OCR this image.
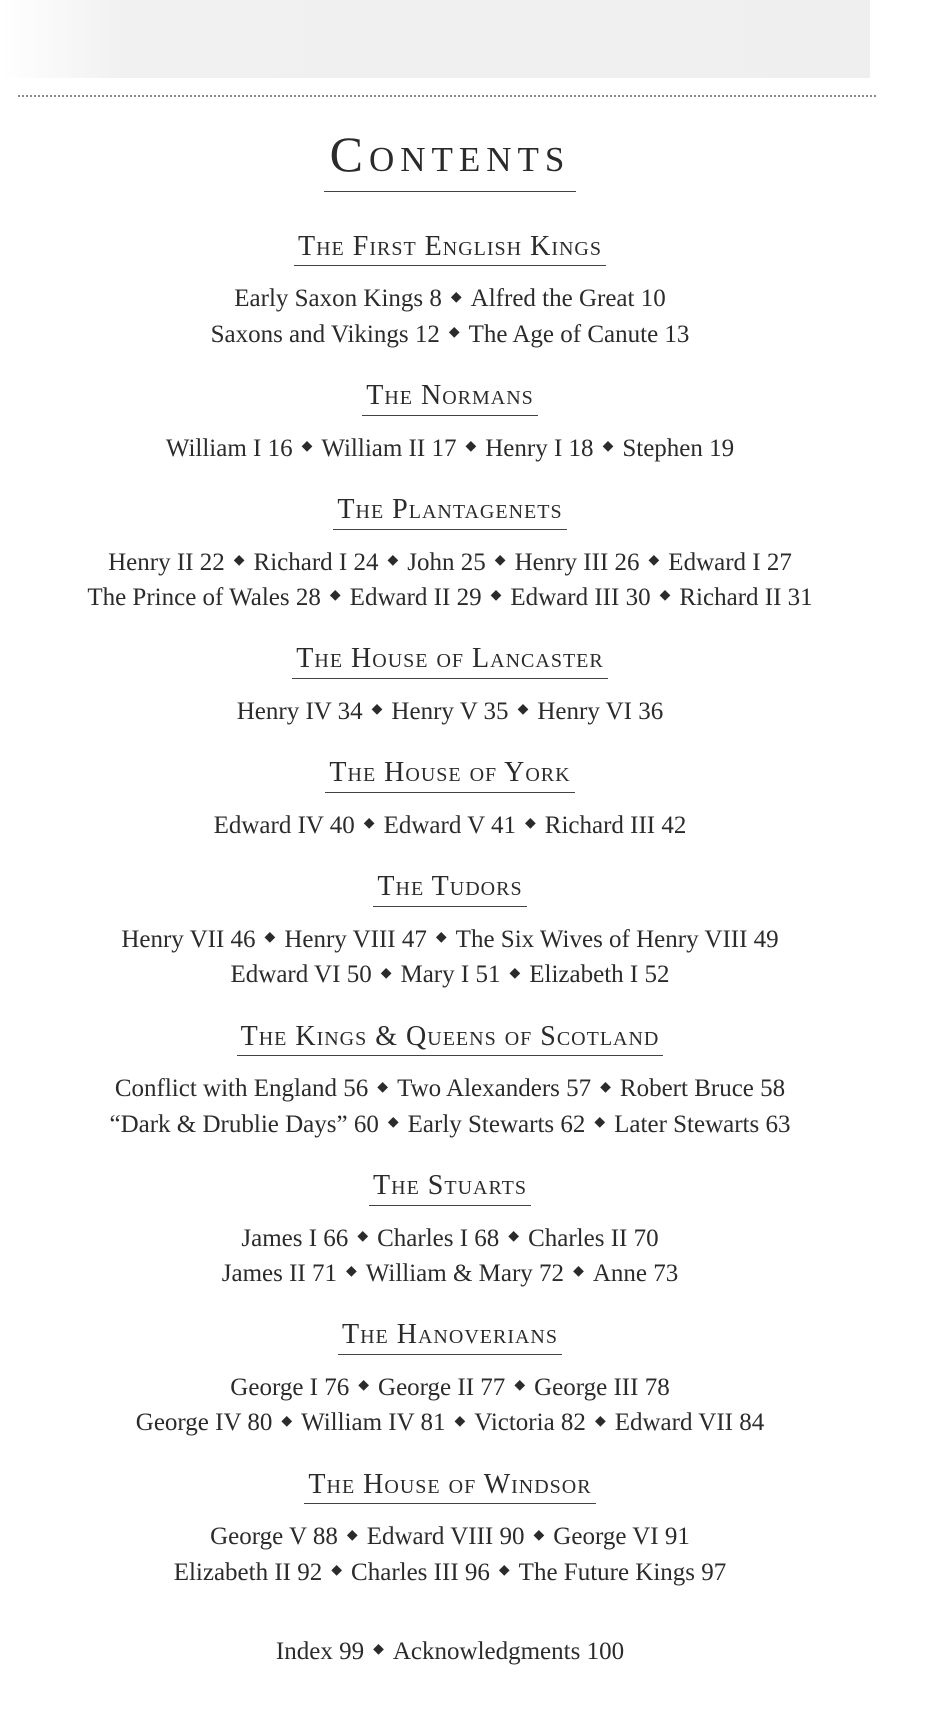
Contents
The First English Kings
Early Saxon Kings 8 ◆ Alfred the Great 10
Saxons and Vikings 12 ◆ The Age of Canute 13
The Normans
William I 16 ◆ William II 17 ◆ Henry I 18 ◆ Stephen 19
The Plantagenets
Henry II 22 ◆ Richard I 24 ◆ John 25 ◆ Henry III 26 ◆ Edward I 27
The Prince of Wales 28 ◆ Edward II 29 ◆ Edward III 30 ◆ Richard II 31
The House of Lancaster
Henry IV 34 ◆ Henry V 35 ◆ Henry VI 36
The House of York
Edward IV 40 ◆ Edward V 41 ◆ Richard III 42
The Tudors
Henry VII 46 ◆ Henry VIII 47 ◆ The Six Wives of Henry VIII 49
Edward VI 50 ◆ Mary I 51 ◆ Elizabeth I 52
The Kings & Queens of Scotland
Conflict with England 56 ◆ Two Alexanders 57 ◆ Robert Bruce 58
“Dark & Drublie Days” 60 ◆ Early Stewarts 62 ◆ Later Stewarts 63
The Stuarts
James I 66 ◆ Charles I 68 ◆ Charles II 70
James II 71 ◆ William & Mary 72 ◆ Anne 73
The Hanoverians
George I 76 ◆ George II 77 ◆ George III 78
George IV 80 ◆ William IV 81 ◆ Victoria 82 ◆ Edward VII 84
The House of Windsor
George V 88 ◆ Edward VIII 90 ◆ George VI 91
Elizabeth II 92 ◆ Charles III 96 ◆ The Future Kings 97
Index 99 ◆ Acknowledgments 100
